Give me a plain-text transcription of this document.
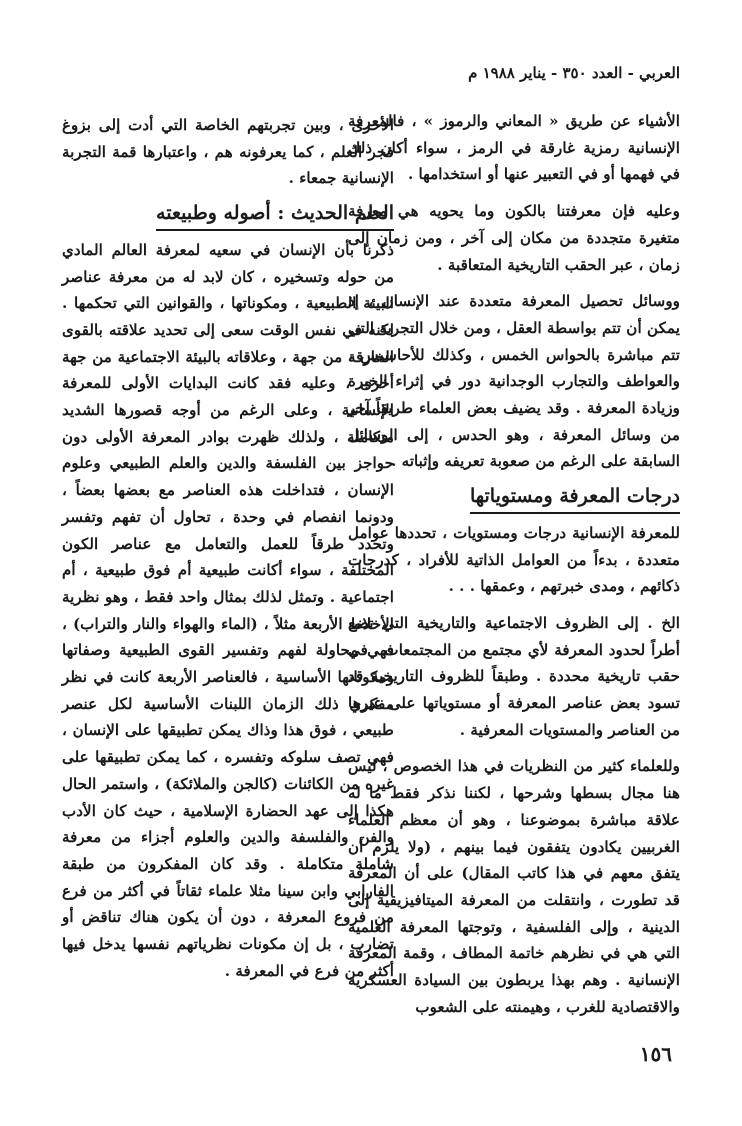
العربي - العدد ٣٥٠ - يناير ١٩٨٨ م

الأشياء عن طريق « المعاني والرموز » ، فالمعرفة الإنسانية رمزية غارقة في الرمز ، سواء أكان ذلك في فهمها أو في التعبير عنها أو استخدامها .

وعليه فإن معرفتنا بالكون وما يحويه هي معرفة متغيرة متجددة من مكان إلى آخر ، ومن زمان إلى زمان ، عبر الحقب التاريخية المتعاقبة .

ووسائل تحصيل المعرفة متعددة عند الإنسان ، إذ يمكن أن تتم بواسطة العقل ، ومن خلال التجربة التي تتم مباشرة بالحواس الخمس ، وكذلك للأحاسيس ، والعواطف والتجارب الوجدانية دور في إثراء الخبرة وزيادة المعرفة . وقد يضيف بعض العلماء طريقاً آخر من وسائل المعرفة ، وهو الحدس ، إلى الوسائل السابقة على الرغم من صعوبة تعريفه وإثباته .

درجات المعرفة ومستوياتها

للمعرفة الإنسانية درجات ومستويات ، تحددها عوامل متعددة ، بدءاً من العوامل الذاتية للأفراد ، كدرجات ذكائهم ، ومدى خبرتهم ، وعمقها . . .

الخ . إلى الظروف الاجتماعية والتاريخية التي تضع أطراً لحدود المعرفة لأي مجتمع من المجتمعات ، في حقب تاريخية محددة . وطبقاً للظروف التاريخية قد تسود بعض عناصر المعرفة أو مستوياتها على غيرها من العناصر والمستويات المعرفية .

وللعلماء كثير من النظريات في هذا الخصوص ، ليس هنا مجال بسطها وشرحها ، لكننا نذكر فقط ما له علاقة مباشرة بموضوعنا ، وهو أن معظم العلماء الغربيين يكادون يتفقون فيما بينهم ، (ولا يلزم أن يتفق معهم في هذا كاتب المقال) على أن المعرفة قد تطورت ، وانتقلت من المعرفة الميتافيزيقية إلى الدينية ، وإلى الفلسفية ، وتوجتها المعرفة العلمية التي هي في نظرهم خاتمة المطاف ، وقمة المعرفة الإنسانية . وهم بهذا يربطون بين السيادة العسكرية والاقتصادية للغرب ، وهيمنته على الشعوب

الأخرى ، وبين تجربتهم الخاصة التي أدت إلى بزوغ فجر العلم ، كما يعرفونه هم ، واعتبارها قمة التجربة الإنسانية جمعاء .

العلم الحديث : أصوله وطبيعته

ذكرنا بأن الإنسان في سعيه لمعرفة العالم المادي من حوله وتسخيره ، كان لابد له من معرفة عناصر البيئة الطبيعية ، ومكوناتها ، والقوانين التي تحكمها . لكنه في نفس الوقت سعى إلى تحديد علاقته بالقوى الخارقة من جهة ، وعلاقاته بالبيئة الاجتماعية من جهة أخرى ، وعليه فقد كانت البدايات الأولى للمعرفة الإنسانية ، وعلى الرغم من أوجه قصورها الشديد متكاملة ، ولذلك ظهرت بوادر المعرفة الأولى دون حواجز بين الفلسفة والدين والعلم الطبيعي وعلوم الإنسان ، فتداخلت هذه العناصر مع بعضها بعضاً ، ودونما انفصام في وحدة ، تحاول أن تفهم وتفسر وتحدد طرقاً للعمل والتعامل مع عناصر الكون المختلفة ، سواء أكانت طبيعية أم فوق طبيعية ، أم اجتماعية . وتمثل لذلك بمثال واحد فقط ، وهو نظرية الأخلاط الأربعة مثلاً ، (الماء والهواء والنار والتراب) ، فهي محاولة لفهم وتفسير القوى الطبيعية وصفاتها ومكوناتها الأساسية ، فالعناصر الأربعة كانت في نظر مفكري ذلك الزمان اللبنات الأساسية لكل عنصر طبيعي ، فوق هذا وذاك يمكن تطبيقها على الإنسان ، فهي تصف سلوكه وتفسره ، كما يمكن تطبيقها على غيره من الكائنات (كالجن والملائكة) ، واستمر الحال هكذا إلى عهد الحضارة الإسلامية ، حيث كان الأدب والفن والفلسفة والدين والعلوم أجزاء من معرفة شاملة متكاملة . وقد كان المفكرون من طبقة الفارابي وابن سينا مثلا علماء ثقاتاً في أكثر من فرع من فروع المعرفة ، دون أن يكون هناك تناقض أو تضارب ، بل إن مكونات نظرياتهم نفسها يدخل فيها أكثر من فرع في المعرفة .

١٥٦
